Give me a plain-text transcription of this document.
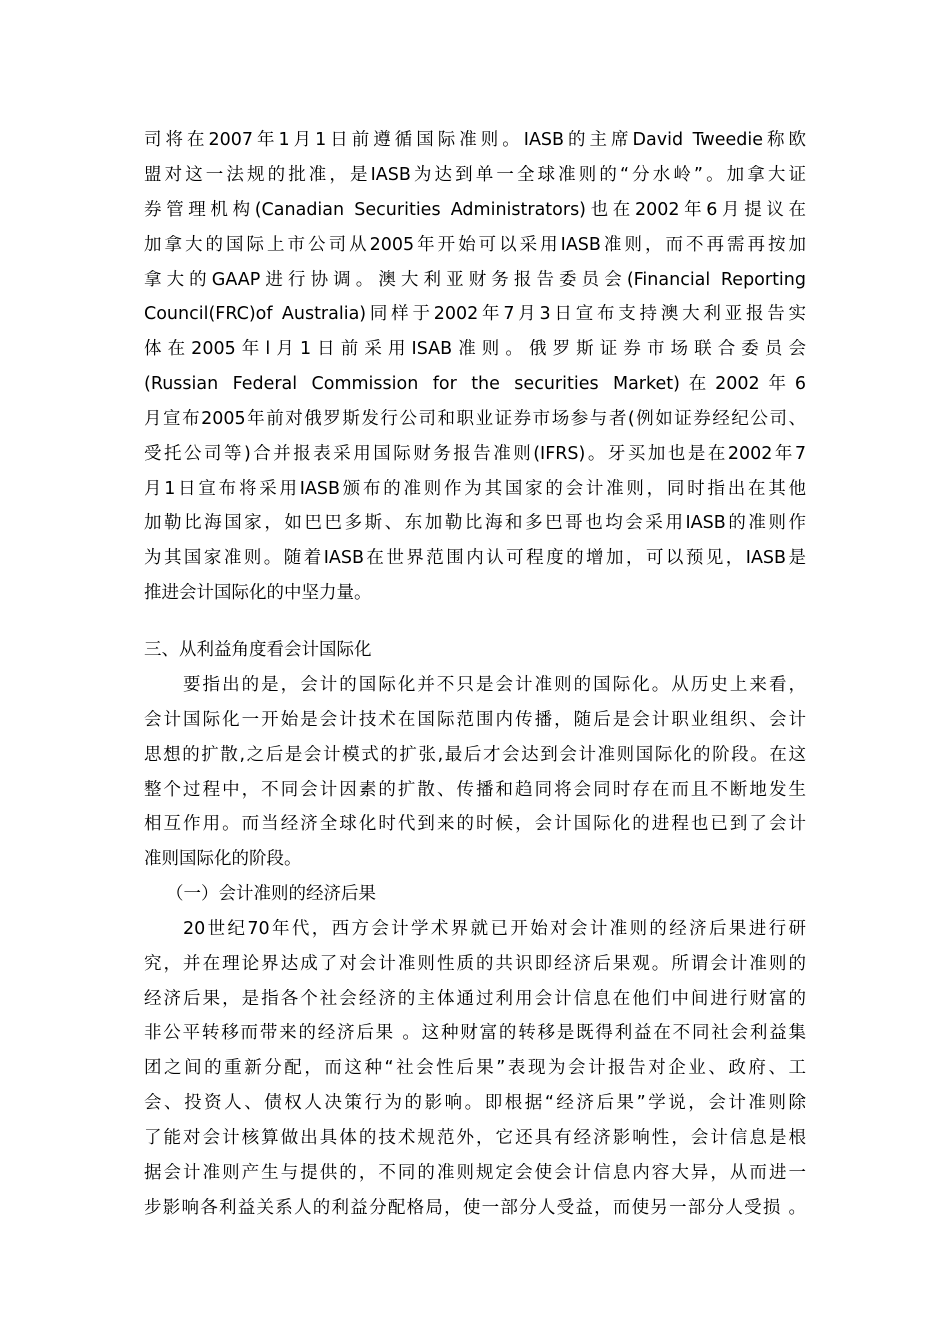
司将在2007年1月1日前遵循国际准则。IASB的主席David Tweedie称欧
盟对这一法规的批准，是IASB为达到单一全球准则的“分水岭”。加拿大证
券管理机构(Canadian Securities Administrators)也在2002年6月提议在
加拿大的国际上市公司从2005年开始可以采用IASB准则，而不再需再按加
拿大的GAAP进行协调。澳大利亚财务报告委员会(Financial Reporting
Council(FRC)of Australia)同样于2002年7月3日宣布支持澳大利亚报告实
体在2005年l月1日前采用ISAB准则。俄罗斯证券市场联合委员会
(Russian Federal Commission for the securities Market)在2002年6
月宣布2005年前对俄罗斯发行公司和职业证券市场参与者(例如证券经纪公司、
受托公司等)合并报表采用国际财务报告准则(IFRS)。牙买加也是在2002年7
月1日宣布将采用IASB颁布的准则作为其国家的会计准则，同时指出在其他
加勒比海国家，如巴巴多斯、东加勒比海和多巴哥也均会采用IASB的准则作
为其国家准则。随着IASB在世界范围内认可程度的增加，可以预见，IASB是
推进会计国际化的中坚力量。
三、从利益角度看会计国际化
要指出的是，会计的国际化并不只是会计准则的国际化。从历史上来看，
会计国际化一开始是会计技术在国际范围内传播，随后是会计职业组织、会计
思想的扩散,之后是会计模式的扩张,最后才会达到会计准则国际化的阶段。在这
整个过程中，不同会计因素的扩散、传播和趋同将会同时存在而且不断地发生
相互作用。而当经济全球化时代到来的时候，会计国际化的进程也已到了会计
准则国际化的阶段。
（一）会计准则的经济后果
20世纪70年代，西方会计学术界就已开始对会计准则的经济后果进行研
究，并在理论界达成了对会计准则性质的共识即经济后果观。所谓会计准则的
经济后果，是指各个社会经济的主体通过利用会计信息在他们中间进行财富的
非公平转移而带来的经济后果 。这种财富的转移是既得利益在不同社会利益集
团之间的重新分配，而这种“社会性后果”表现为会计报告对企业、政府、工
会、投资人、债权人决策行为的影响。即根据“经济后果”学说，会计准则除
了能对会计核算做出具体的技术规范外，它还具有经济影响性，会计信息是根
据会计准则产生与提供的，不同的准则规定会使会计信息内容大异，从而进一
步影响各利益关系人的利益分配格局，使一部分人受益，而使另一部分人受损 。
